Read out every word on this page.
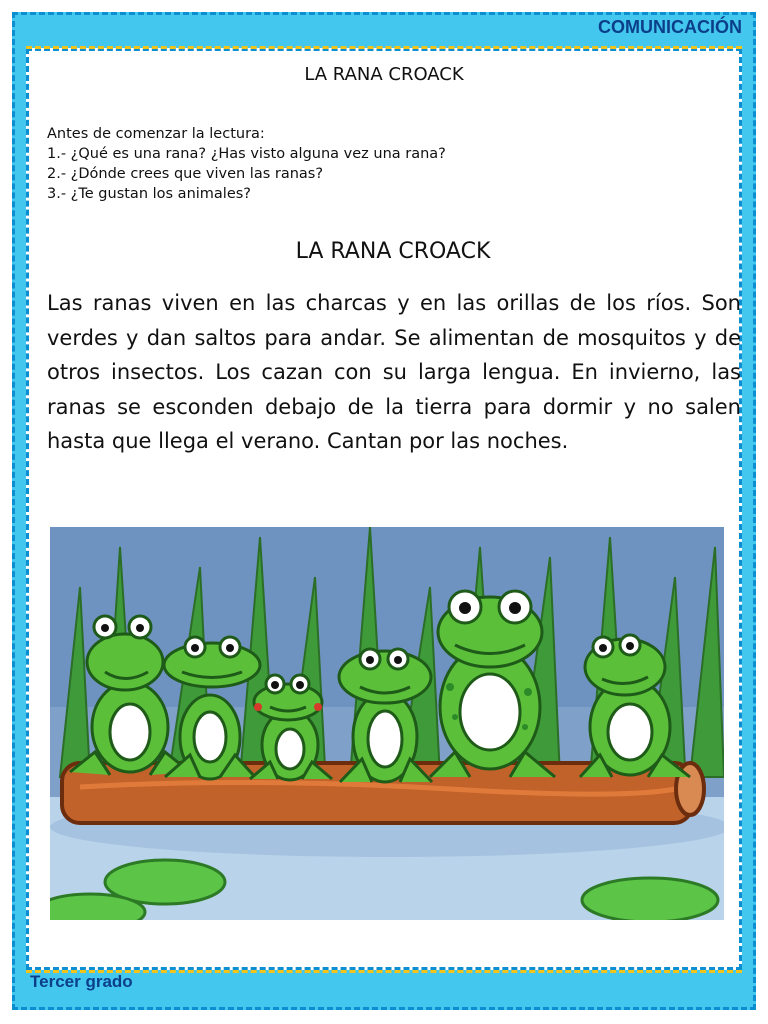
COMUNICACIÓN
Tercer grado
LA RANA CROACK
Antes de comenzar la lectura:
1.- ¿Qué es una rana? ¿Has visto alguna vez una rana?
2.- ¿Dónde crees que viven las ranas?
3.- ¿Te gustan los animales?
LA RANA CROACK
Las ranas viven en las charcas y en las orillas de los ríos. Son verdes y dan saltos para andar. Se alimentan de mosquitos y de otros insectos. Los cazan con su larga lengua. En invierno, las ranas se esconden debajo de la tierra para dormir y no salen hasta que llega el verano. Cantan por las noches.
